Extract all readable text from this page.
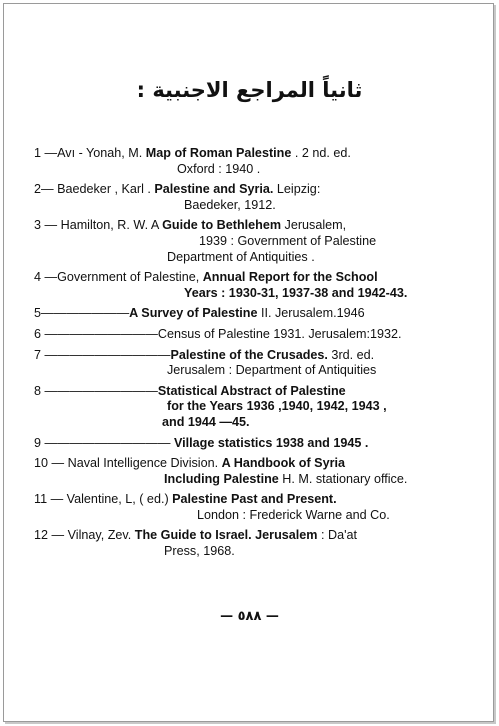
ثانياً المراجع الاجنبية :
1 —Avı - Yonah, M. Map of Roman Palestine . 2 nd. ed.
Oxford : 1940 .
2— Baedeker , Karl . Palestine and Syria. Leipzig:
Baedeker, 1912.
3 — Hamilton, R. W. A Guide to Bethlehem Jerusalem,
1939 : Government of Palestine
Department of Antiquities .
4 —Government of Palestine, Annual Report for the School
Years : 1930-31, 1937-38 and 1942-43.
5———————A Survey of Palestine II. Jerusalem.1946
6 —————————Census of Palestine 1931. Jerusalem:1932.
7 ——————————Palestine of the Crusades. 3rd. ed.
Jerusalem : Department of Antiquities
8 —————————Statistical Abstract of Palestine
for the Years 1936 ,1940, 1942, 1943 ,
and 1944 —45.
9 —————————— Village statistics 1938 and 1945 .
10 — Naval Intelligence Division. A Handbook of Syria
Including Palestine H. M. stationary office.
11 — Valentine, L, ( ed.) Palestine Past and Present.
London : Frederick Warne and Co.
12 — Vilnay, Zev. The Guide to Israel. Jerusalem : Da'at
Press, 1968.
— ٥٨٨ —
